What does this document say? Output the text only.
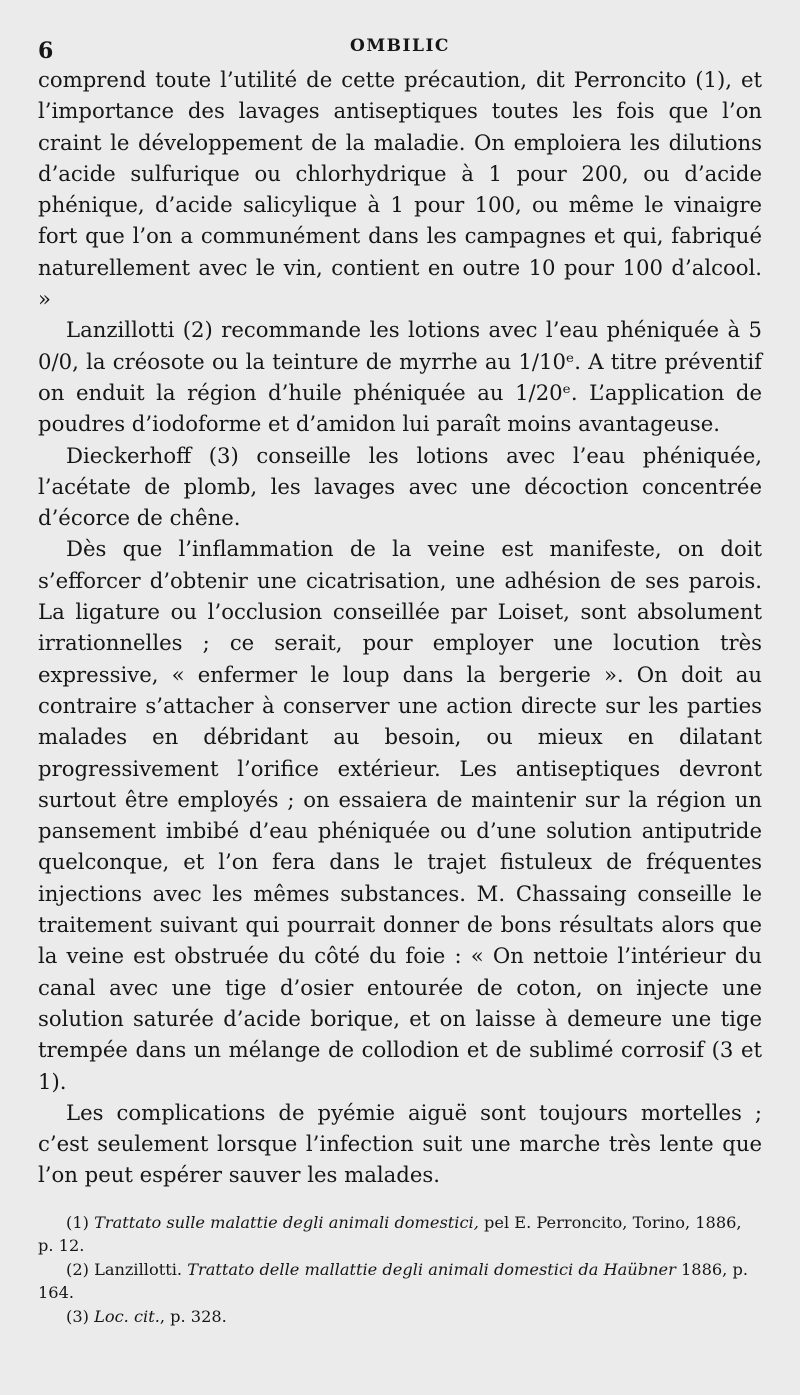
6	OMBILIC

comprend toute l’utilité de cette précaution, dit Perroncito (1), et l’importance des lavages antiseptiques toutes les fois que l’on craint le développement de la maladie. On emploiera les dilutions d’acide sulfurique ou chlorhydrique à 1 pour 200, ou d’acide phénique, d’acide salicylique à 1 pour 100, ou même le vinaigre fort que l’on a communément dans les campagnes et qui, fabriqué naturellement avec le vin, contient en outre 10 pour 100 d’alcool. »

Lanzillotti (2) recommande les lotions avec l’eau phéniquée à 5 0/0, la créosote ou la teinture de myrrhe au 1/10ᵉ. A titre préventif on enduit la région d’huile phéniquée au 1/20ᵉ. L’application de poudres d’iodoforme et d’amidon lui paraît moins avantageuse.

Dieckerhoff (3) conseille les lotions avec l’eau phéniquée, l’acétate de plomb, les lavages avec une décoction concentrée d’écorce de chêne.

Dès que l’inflammation de la veine est manifeste, on doit s’efforcer d’obtenir une cicatrisation, une adhésion de ses parois. La ligature ou l’occlusion conseillée par Loiset, sont absolument irrationnelles ; ce serait, pour employer une locution très expressive, « enfermer le loup dans la bergerie ». On doit au contraire s’attacher à conserver une action directe sur les parties malades en débridant au besoin, ou mieux en dilatant progressivement l’orifice extérieur. Les antiseptiques devront surtout être employés ; on essaiera de maintenir sur la région un pansement imbibé d’eau phéniquée ou d’une solution antiputride quelconque, et l’on fera dans le trajet fistuleux de fréquentes injections avec les mêmes substances. M. Chassaing conseille le traitement suivant qui pourrait donner de bons résultats alors que la veine est obstruée du côté du foie : « On nettoie l’intérieur du canal avec une tige d’osier entourée de coton, on injecte une solution saturée d’acide borique, et on laisse à demeure une tige trempée dans un mélange de collodion et de sublimé corrosif (3 et 1).

Les complications de pyémie aiguë sont toujours mortelles ; c’est seulement lorsque l’infection suit une marche très lente que l’on peut espérer sauver les malades.

(1) Trattato sulle malattie degli animali domestici, pel E. Perroncito, Torino, 1886, p. 12.

(2) Lanzillotti. Trattato delle mallattie degli animali domestici da Haübner 1886, p. 164.

(3) Loc. cit., p. 328.
